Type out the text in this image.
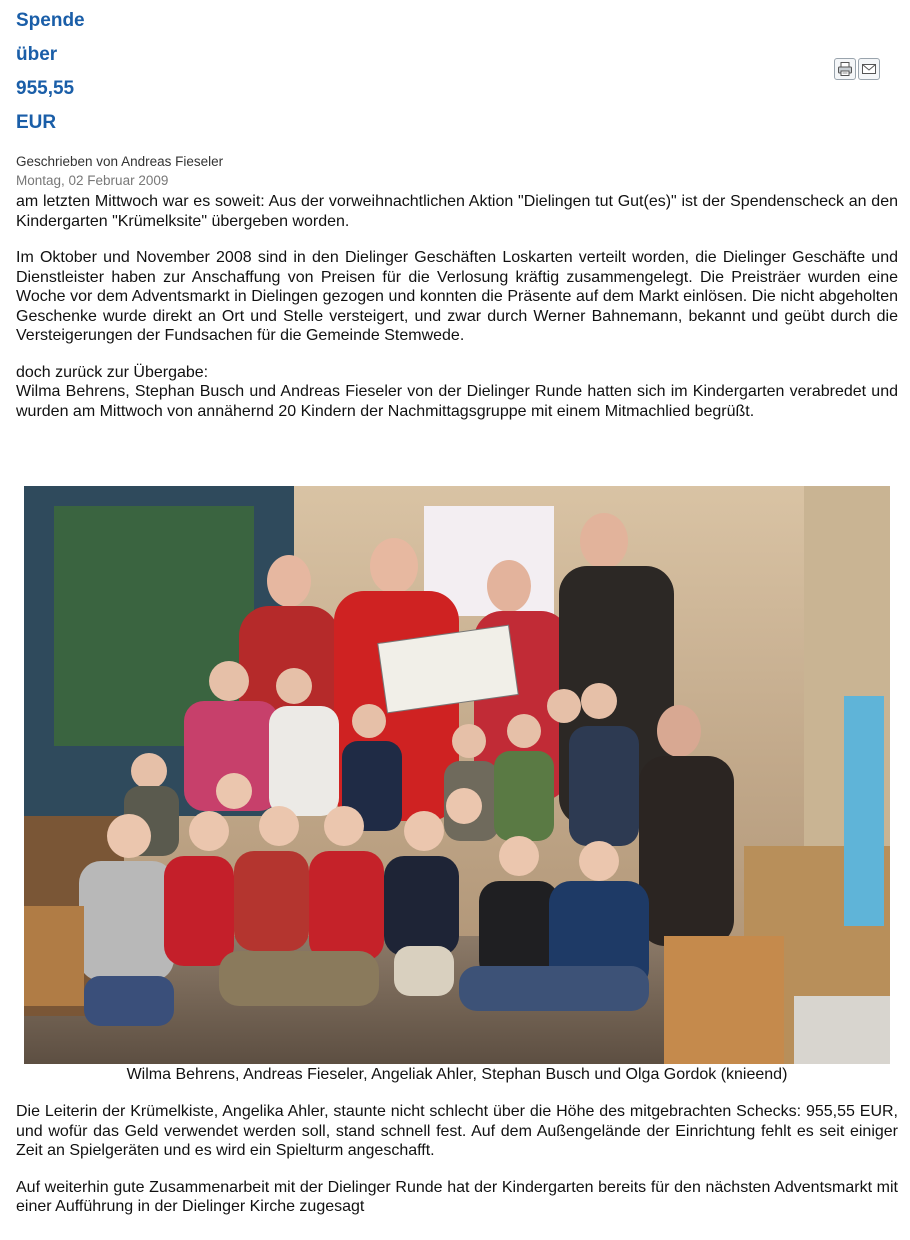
Spende
über
955,55
EUR
Geschrieben von Andreas Fieseler
Montag, 02 Februar 2009

am letzten Mittwoch war es soweit: Aus der vorweihnachtlichen Aktion "Dielingen tut Gut(es)" ist der Spendenscheck an den Kindergarten "Krümelksite" übergeben worden.

Im Oktober und November 2008 sind in den Dielinger Geschäften Loskarten verteilt worden, die Dielinger Geschäfte und Dienstleister haben zur Anschaffung von Preisen für die Verlosung kräftig zusammengelegt. Die Preisträer wurden eine Woche vor dem Adventsmarkt in Dielingen gezogen und konnten die Präsente auf dem Markt einlösen. Die nicht abgeholten Geschenke wurde direkt an Ort und Stelle versteigert, und zwar durch Werner Bahnemann, bekannt und geübt durch die Versteigerungen der Fundsachen für die Gemeinde Stemwede.

doch zurück zur Übergabe:

Wilma Behrens, Stephan Busch und Andreas Fieseler von der Dielinger Runde hatten sich im Kindergarten verabredet und wurden am Mittwoch von annähernd 20 Kindern der Nachmittagsgruppe mit einem Mitmachlied begrüßt.

Wilma Behrens, Andreas Fieseler, Angeliak Ahler, Stephan Busch und Olga Gordok (knieend)

Die Leiterin der Krümelkiste, Angelika Ahler, staunte nicht schlecht über die Höhe des mitgebrachten Schecks: 955,55 EUR, und wofür das Geld verwendet werden soll, stand schnell fest. Auf dem Außengelände der Einrichtung fehlt es seit einiger Zeit an Spielgeräten und es wird ein Spielturm angeschafft.

Auf weiterhin gute Zusammenarbeit mit der Dielinger Runde hat der Kindergarten bereits für den nächsten Adventsmarkt mit einer Aufführung in der Dielinger Kirche zugesagt
